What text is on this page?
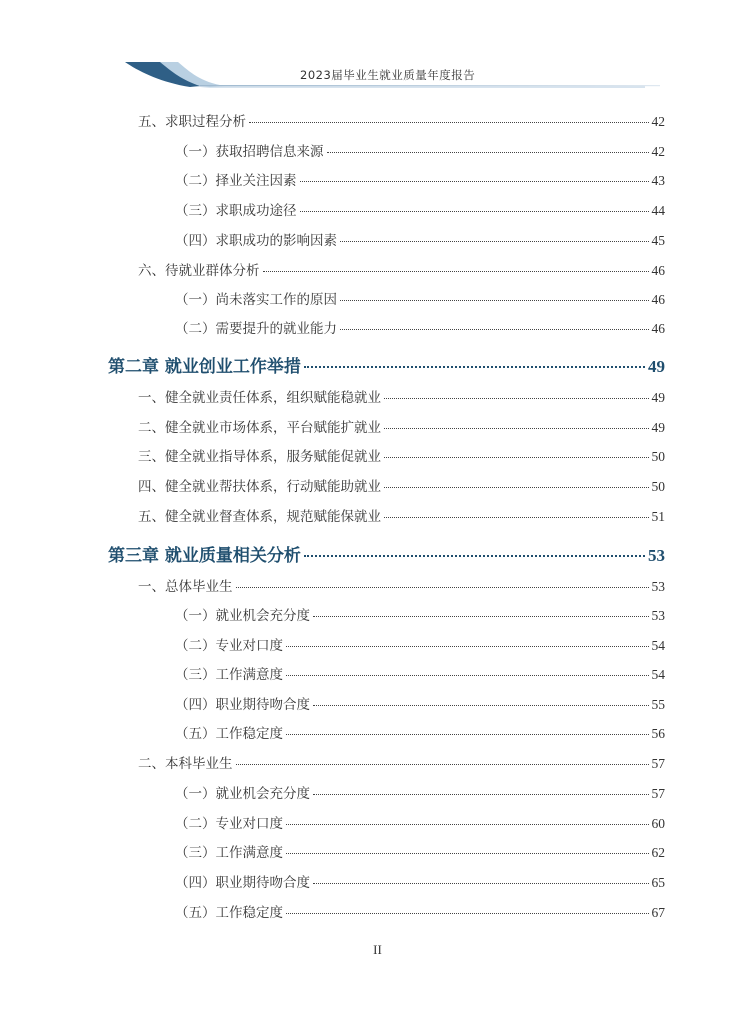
2023届毕业生就业质量年度报告
五、求职过程分析	42
（一）获取招聘信息来源	42
（二）择业关注因素	43
（三）求职成功途径	44
（四）求职成功的影响因素	45
六、待就业群体分析	46
（一）尚未落实工作的原因	46
（二）需要提升的就业能力	46
第二章 就业创业工作举措	49
一、健全就业责任体系，组织赋能稳就业	49
二、健全就业市场体系，平台赋能扩就业	49
三、健全就业指导体系，服务赋能促就业	50
四、健全就业帮扶体系，行动赋能助就业	50
五、健全就业督查体系，规范赋能保就业	51
第三章 就业质量相关分析	53
一、总体毕业生	53
（一）就业机会充分度	53
（二）专业对口度	54
（三）工作满意度	54
（四）职业期待吻合度	55
（五）工作稳定度	56
二、本科毕业生	57
（一）就业机会充分度	57
（二）专业对口度	60
（三）工作满意度	62
（四）职业期待吻合度	65
（五）工作稳定度	67
II
